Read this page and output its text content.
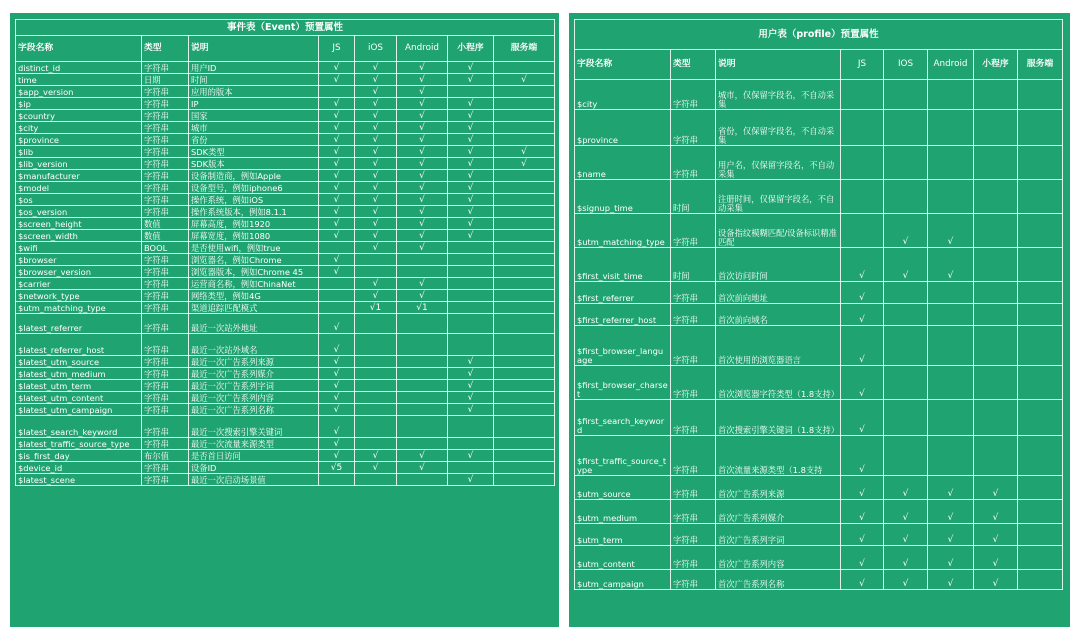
事件表（Event）预置属性							
字段名称	类型	说明	JS	iOS	Android	小程序	服务端
distinct_id	字符串	用户ID	√	√	√	√	
time	日期	时间	√	√	√	√	√
$app_version	字符串	应用的版本		√	√		
$ip	字符串	IP	√	√	√	√	
$country	字符串	国家	√	√	√	√	
$city	字符串	城市	√	√	√	√	
$province	字符串	省份	√	√	√	√	
$lib	字符串	SDK类型	√	√	√	√	√
$lib_version	字符串	SDK版本	√	√	√	√	√
$manufacturer	字符串	设备制造商，例如Apple	√	√	√	√	
$model	字符串	设备型号，例如iphone6	√	√	√	√	
$os	字符串	操作系统，例如iOS	√	√	√	√	
$os_version	字符串	操作系统版本，例如8.1.1	√	√	√	√	
$screen_height	数值	屏幕高度，例如1920	√	√	√	√	
$screen_width	数值	屏幕宽度，例如1080	√	√	√	√	
$wifi	BOOL	是否使用wifi，例如true		√	√		
$browser	字符串	浏览器名，例如Chrome	√				
$browser_version	字符串	浏览器版本，例如Chrome 45	√				
$carrier	字符串	运营商名称，例如ChinaNet		√	√		
$network_type	字符串	网络类型，例如4G		√	√		
$utm_matching_type	字符串	渠道追踪匹配模式		√1	√1		
$latest_referrer	字符串	最近一次站外地址	√				
$latest_referrer_host	字符串	最近一次站外域名	√				
$latest_utm_source	字符串	最近一次广告系列来源	√			√	
$latest_utm_medium	字符串	最近一次广告系列媒介	√			√	
$latest_utm_term	字符串	最近一次广告系列字词	√			√	
$latest_utm_content	字符串	最近一次广告系列内容	√			√	
$latest_utm_campaign	字符串	最近一次广告系列名称	√			√	
$latest_search_keyword	字符串	最近一次搜索引擎关键词	√				
$latest_traffic_source_type	字符串	最近一次流量来源类型	√				
$is_first_day	布尔值	是否首日访问	√	√	√	√	
$device_id	字符串	设备ID	√5	√	√		
$latest_scene	字符串	最近一次启动场景值				√	
用户表（profile）预置属性							
字段名称	类型	说明	JS	IOS	Android	小程序	服务端
$city	字符串	城市，仅保留字段名，不自动采集					
$province	字符串	省份，仅保留字段名，不自动采集					
$name	字符串	用户名，仅保留字段名，不自动采集					
$signup_time	时间	注册时间，仅保留字段名，不自动采集					
$utm_matching_type	字符串	设备指纹模糊匹配/设备标识精准匹配		√	√		
$first_visit_time	时间	首次访问时间	√	√	√		
$first_referrer	字符串	首次前向地址	√				
$first_referrer_host	字符串	首次前向域名	√				
$first_browser_language	字符串	首次使用的浏览器语言	√				
$first_browser_charset	字符串	首次浏览器字符类型（1.8支持）	√				
$first_search_keyword	字符串	首次搜索引擎关键词（1.8支持）	√				
$first_traffic_source_type	字符串	首次流量来源类型（1.8支持	√				
$utm_source	字符串	首次广告系列来源	√	√	√	√	
$utm_medium	字符串	首次广告系列媒介	√	√	√	√	
$utm_term	字符串	首次广告系列字词	√	√	√	√	
$utm_content	字符串	首次广告系列内容	√	√	√	√	
$utm_campaign	字符串	首次广告系列名称	√	√	√	√	
